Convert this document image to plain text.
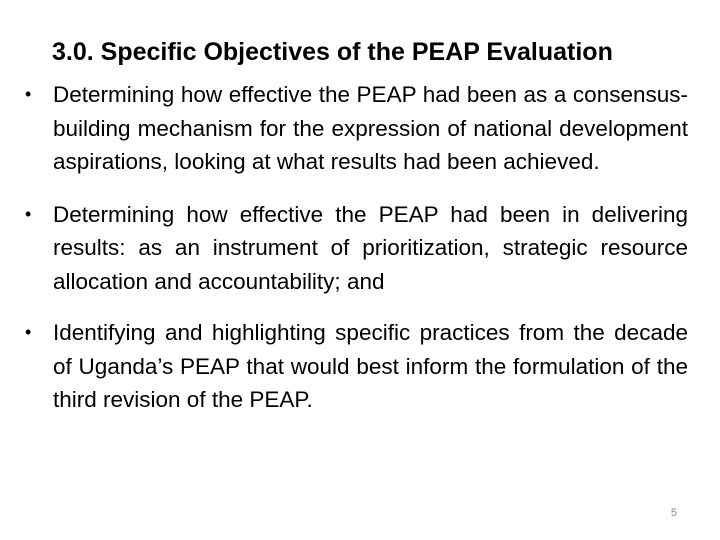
3.0. Specific Objectives of the PEAP Evaluation
• Determining how effective the PEAP had been as a consensus-building mechanism for the expression of national development aspirations, looking at what results had been achieved.
• Determining how effective the PEAP had been in delivering results: as an instrument of prioritization, strategic resource allocation and accountability; and
• Identifying and highlighting specific practices from the decade of Uganda’s PEAP that would best inform the formulation of the third revision of the PEAP.
5
